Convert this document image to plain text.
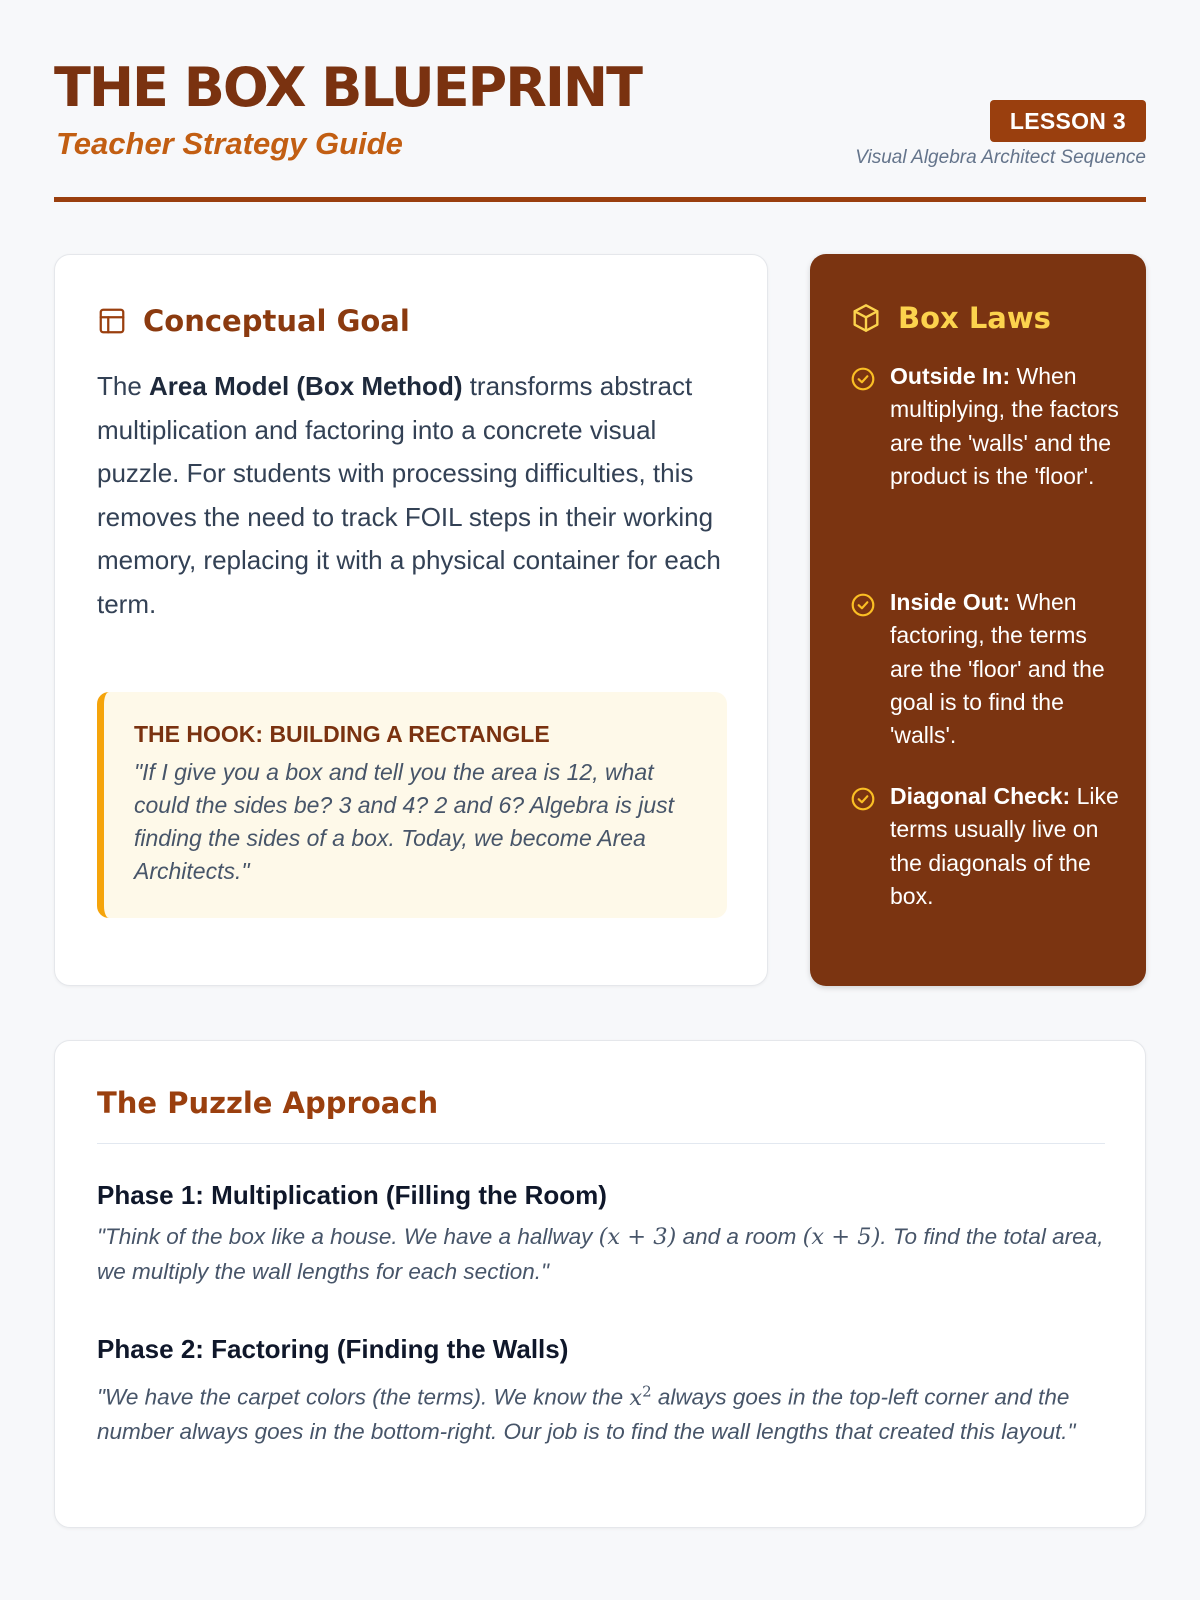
THE BOX BLUEPRINT
Teacher Strategy Guide
LESSON 3
Visual Algebra Architect Sequence
Conceptual Goal

The Area Model (Box Method) transforms abstract multiplication and factoring into a concrete visual puzzle. For students with processing difficulties, this removes the need to track FOIL steps in their working memory, replacing it with a physical container for each term.

THE HOOK: BUILDING A RECTANGLE
"If I give you a box and tell you the area is 12, what could the sides be? 3 and 4? 2 and 6? Algebra is just finding the sides of a box. Today, we become Area Architects."
Box Laws

Outside In: When multiplying, the factors are the 'walls' and the product is the 'floor'.

Inside Out: When factoring, the terms are the 'floor' and the goal is to find the 'walls'.

Diagonal Check: Like terms usually live on the diagonals of the box.

The Puzzle Approach
Phase 1: Multiplication (Filling the Room)

"Think of the box like a house. We have a hallway (x + 3) and a room (x + 5). To find the total area, we multiply the wall lengths for each section."

Phase 2: Factoring (Finding the Walls)

"We have the carpet colors (the terms). We know the $x^2$ always goes in the top-left corner and the number always goes in the bottom-right. Our job is to find the wall lengths that created this layout."
